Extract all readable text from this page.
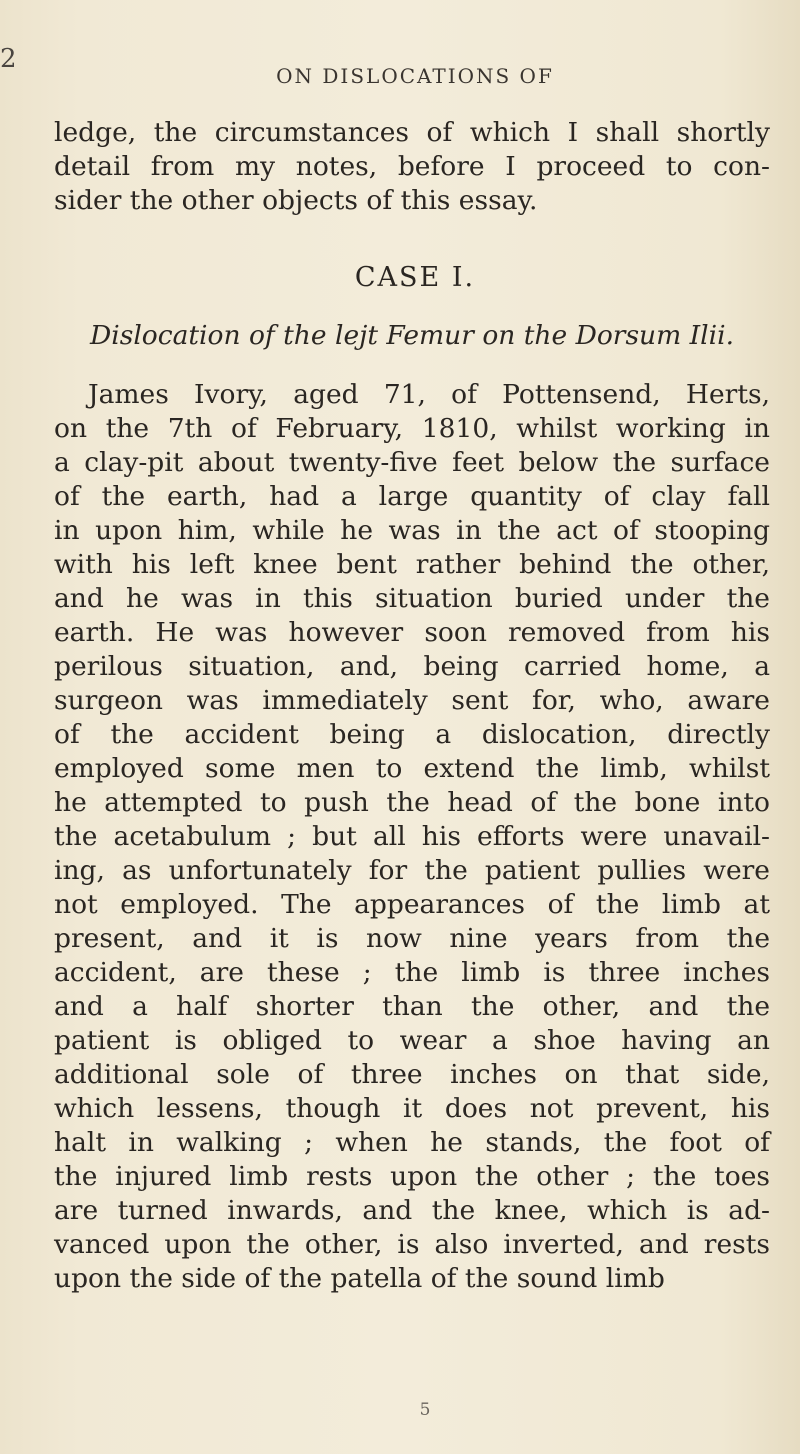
2
ON DISLOCATIONS OF
ledge, the circumstances of which I shall shortly
detail from my notes, before I proceed to con-
sider the other objects of this essay.
CASE I.
Dislocation of the lejt Femur on the Dorsum Ilii.
James Ivory, aged 71, of Pottensend, Herts,
on the 7th of February, 1810, whilst working in
a clay-pit about twenty-five feet below the surface
of the earth, had a large quantity of clay fall
in upon him, while he was in the act of stooping
with his left knee bent rather behind the other,
and he was in this situation buried under the
earth. He was however soon removed from his
perilous situation, and, being carried home, a
surgeon was immediately sent for, who, aware
of the accident being a dislocation, directly
employed some men to extend the limb, whilst
he attempted to push the head of the bone into
the acetabulum ; but all his efforts were unavail-
ing, as unfortunately for the patient pullies were
not employed. The appearances of the limb at
present, and it is now nine years from the
accident, are these ; the limb is three inches
and a half shorter than the other, and the
patient is obliged to wear a shoe having an
additional sole of three inches on that side,
which lessens, though it does not prevent, his
halt in walking ; when he stands, the foot of
the injured limb rests upon the other ; the toes
are turned inwards, and the knee, which is ad-
vanced upon the other, is also inverted, and rests
upon the side of the patella of the sound limb
5
